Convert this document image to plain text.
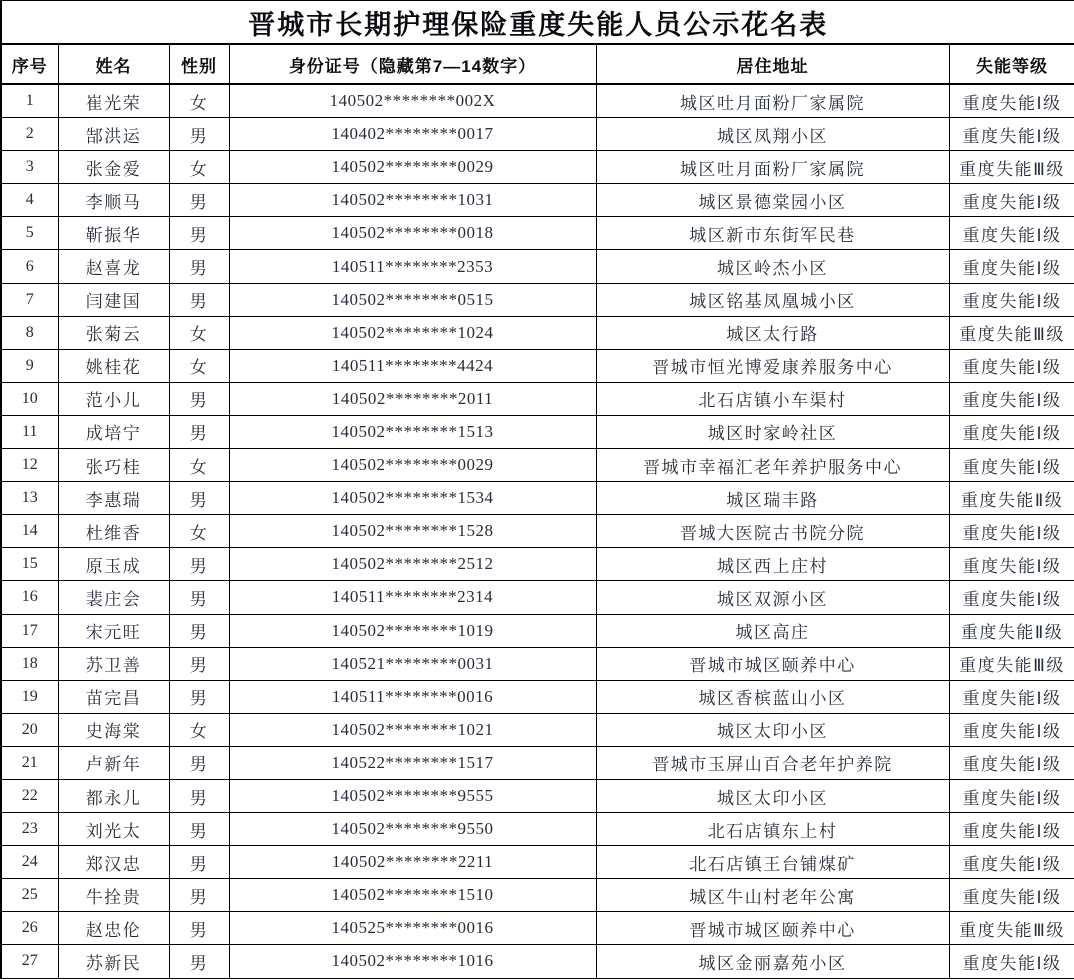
晋城市长期护理保险重度失能人员公示花名表					
序号	姓名	性别	身份证号（隐藏第7—14数字）	居住地址	失能等级
1	崔光荣	女	140502********002X	城区吐月面粉厂家属院	重度失能Ⅰ级
2	郜洪运	男	140402********0017	城区凤翔小区	重度失能Ⅰ级
3	张金爱	女	140502********0029	城区吐月面粉厂家属院	重度失能Ⅲ级
4	李顺马	男	140502********1031	城区景德棠园小区	重度失能Ⅰ级
5	靳振华	男	140502********0018	城区新市东街军民巷	重度失能Ⅰ级
6	赵喜龙	男	140511********2353	城区岭杰小区	重度失能Ⅰ级
7	闫建国	男	140502********0515	城区铭基凤凰城小区	重度失能Ⅰ级
8	张菊云	女	140502********1024	城区太行路	重度失能Ⅲ级
9	姚桂花	女	140511********4424	晋城市恒光博爱康养服务中心	重度失能Ⅰ级
10	范小儿	男	140502********2011	北石店镇小车渠村	重度失能Ⅰ级
11	成培宁	男	140502********1513	城区时家岭社区	重度失能Ⅰ级
12	张巧桂	女	140502********0029	晋城市幸福汇老年养护服务中心	重度失能Ⅰ级
13	李惠瑞	男	140502********1534	城区瑞丰路	重度失能Ⅱ级
14	杜维香	女	140502********1528	晋城大医院古书院分院	重度失能Ⅰ级
15	原玉成	男	140502********2512	城区西上庄村	重度失能Ⅰ级
16	裴庄会	男	140511********2314	城区双源小区	重度失能Ⅰ级
17	宋元旺	男	140502********1019	城区高庄	重度失能Ⅱ级
18	苏卫善	男	140521********0031	晋城市城区颐养中心	重度失能Ⅲ级
19	苗完昌	男	140511********0016	城区香槟蓝山小区	重度失能Ⅰ级
20	史海棠	女	140502********1021	城区太印小区	重度失能Ⅰ级
21	卢新年	男	140522********1517	晋城市玉屏山百合老年护养院	重度失能Ⅰ级
22	都永儿	男	140502********9555	城区太印小区	重度失能Ⅰ级
23	刘光太	男	140502********9550	北石店镇东上村	重度失能Ⅰ级
24	郑汉忠	男	140502********2211	北石店镇王台铺煤矿	重度失能Ⅰ级
25	牛拴贵	男	140502********1510	城区牛山村老年公寓	重度失能Ⅰ级
26	赵忠伦	男	140525********0016	晋城市城区颐养中心	重度失能Ⅲ级
27	苏新民	男	140502********1016	城区金丽嘉苑小区	重度失能Ⅰ级
